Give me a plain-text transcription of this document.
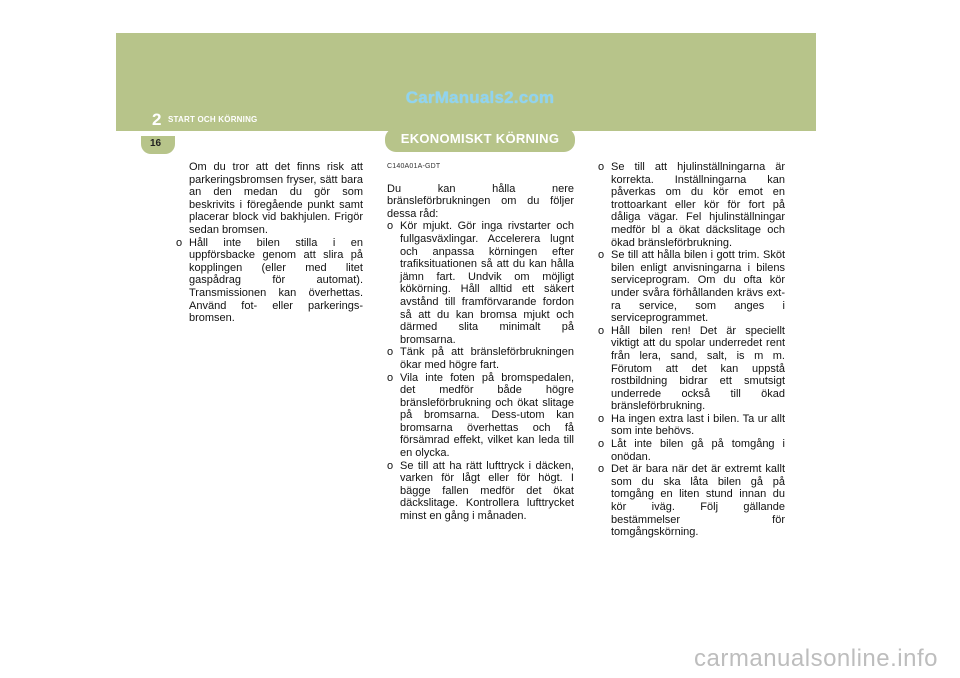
CarManuals2.com
2 START OCH KÖRNING
16	EKONOMISKT KÖRNING

Om du tror att det finns risk att parkeringsbromsen fryser, sätt bara an den medan du gör som beskrivits i föregående punkt samt placerar block vid bakhjulen. Frigör sedan bromsen.

o Håll inte bilen stilla i en uppförsbacke genom att slira på kopplingen (eller med litet gaspådrag för automat). Transmissionen kan överhettas. Använd fot- eller parkerings- bromsen.

C140A01A-GDT

Du kan hålla nere bränsleförbrukningen om du följer dessa råd:

o Kör mjukt. Gör inga rivstarter och fullgasväxlingar. Accelerera lugnt och anpassa körningen efter trafiksituationen så att du kan hålla jämn fart. Undvik om möjligt kökörning. Håll alltid ett säkert avstånd till framförvarande fordon så att du kan bromsa mjukt och därmed slita minimalt på bromsarna.

o Tänk på att bränsleförbrukningen ökar med högre fart.

o Vila inte foten på bromspedalen, det medför både högre bränsleförbrukning och ökat slitage på bromsarna. Dess-utom kan bromsarna överhettas och få försämrad effekt, vilket kan leda till en olycka.

o Se till att ha rätt lufttryck i däcken, varken för lågt eller för högt. I bägge fallen medför det ökat däckslitage. Kontrollera lufttrycket minst en gång i månaden.

o Se till att hjulinställningarna är korrekta. Inställningarna kan påverkas om du kör emot en trottoarkant eller kör för fort på dåliga vägar. Fel hjulinställningar medför bl a ökat däckslitage och ökad bränsleförbrukning.

o Se till att hålla bilen i gott trim. Sköt bilen enligt anvisningarna i bilens serviceprogram. Om du ofta kör under svåra förhållanden krävs ext- ra service, som anges i serviceprogrammet.

o Håll bilen ren! Det är speciellt viktigt att du spolar underredet rent från lera, sand, salt, is m m. Förutom att det kan uppstå rostbildning bidrar ett smutsigt underrede också till ökad bränsleförbrukning.

o Ha ingen extra last i bilen. Ta ur allt som inte behövs.

o Låt inte bilen gå på tomgång i onödan.

o Det är bara när det är extremt kallt som du ska låta bilen gå på tomgång en liten stund innan du kör iväg. Följ gällande bestämmelser för tomgångskörning.

carmanualsonline.info
